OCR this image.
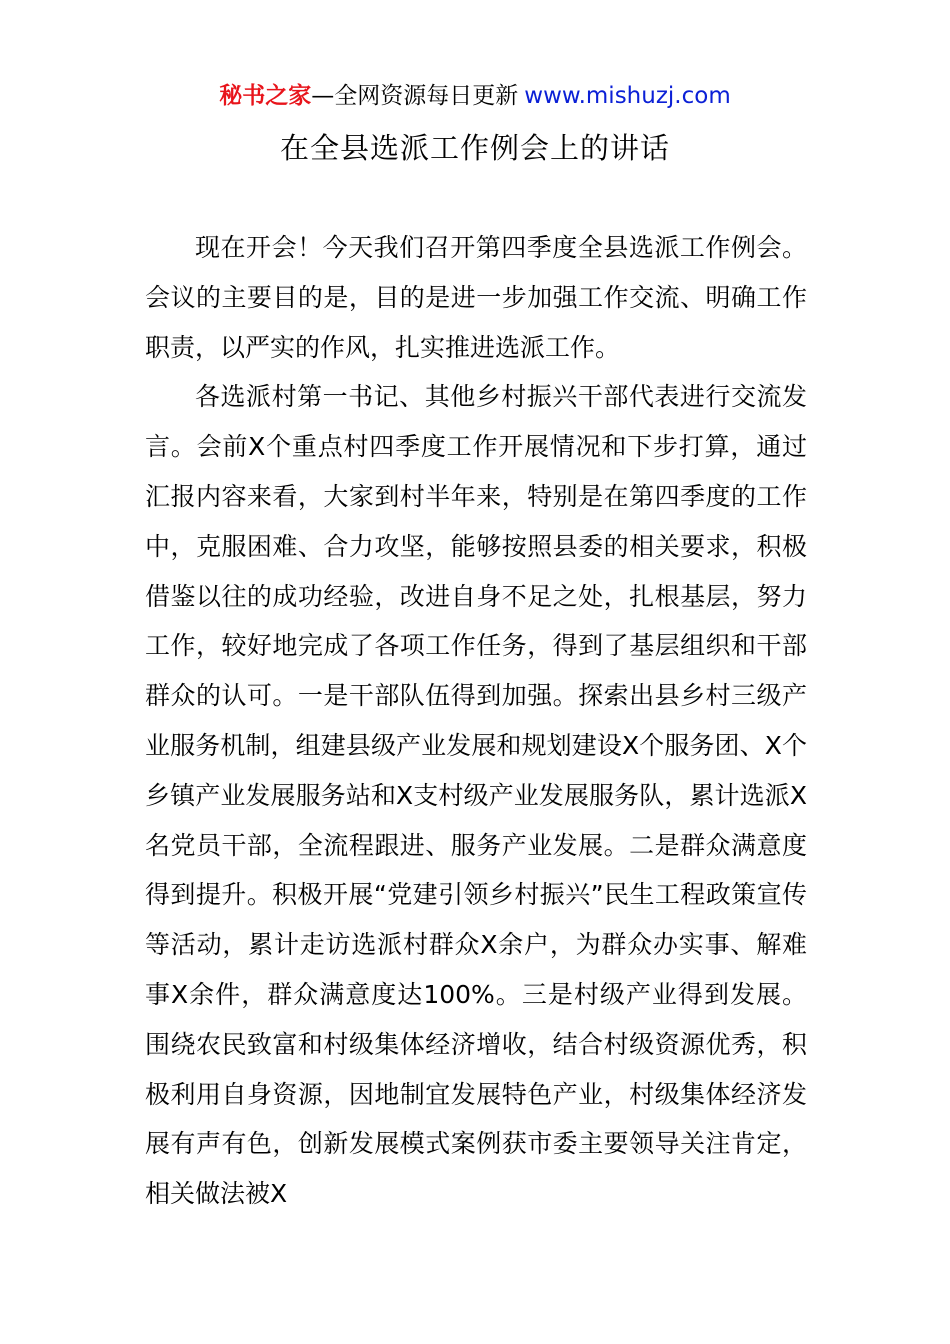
秘书之家—全网资源每日更新 www.mishuzj.com
在全县选派工作例会上的讲话

现在开会！今天我们召开第四季度全县选派工作例会。会议的主要目的是，目的是进一步加强工作交流、明确工作职责，以严实的作风，扎实推进选派工作。

各选派村第一书记、其他乡村振兴干部代表进行交流发言。会前X个重点村四季度工作开展情况和下步打算，通过汇报内容来看，大家到村半年来，特别是在第四季度的工作中，克服困难、合力攻坚，能够按照县委的相关要求，积极借鉴以往的成功经验，改进自身不足之处，扎根基层，努力工作，较好地完成了各项工作任务，得到了基层组织和干部群众的认可。一是干部队伍得到加强。探索出县乡村三级产业服务机制，组建县级产业发展和规划建设X个服务团、X个乡镇产业发展服务站和X支村级产业发展服务队，累计选派X名党员干部，全流程跟进、服务产业发展。二是群众满意度得到提升。积极开展“党建引领乡村振兴”民生工程政策宣传等活动，累计走访选派村群众X余户，为群众办实事、解难事X余件，群众满意度达100%。三是村级产业得到发展。围绕农民致富和村级集体经济增收，结合村级资源优秀，积极利用自身资源，因地制宜发展特色产业，村级集体经济发展有声有色，创新发展模式案例获市委主要领导关注肯定，相关做法被X
